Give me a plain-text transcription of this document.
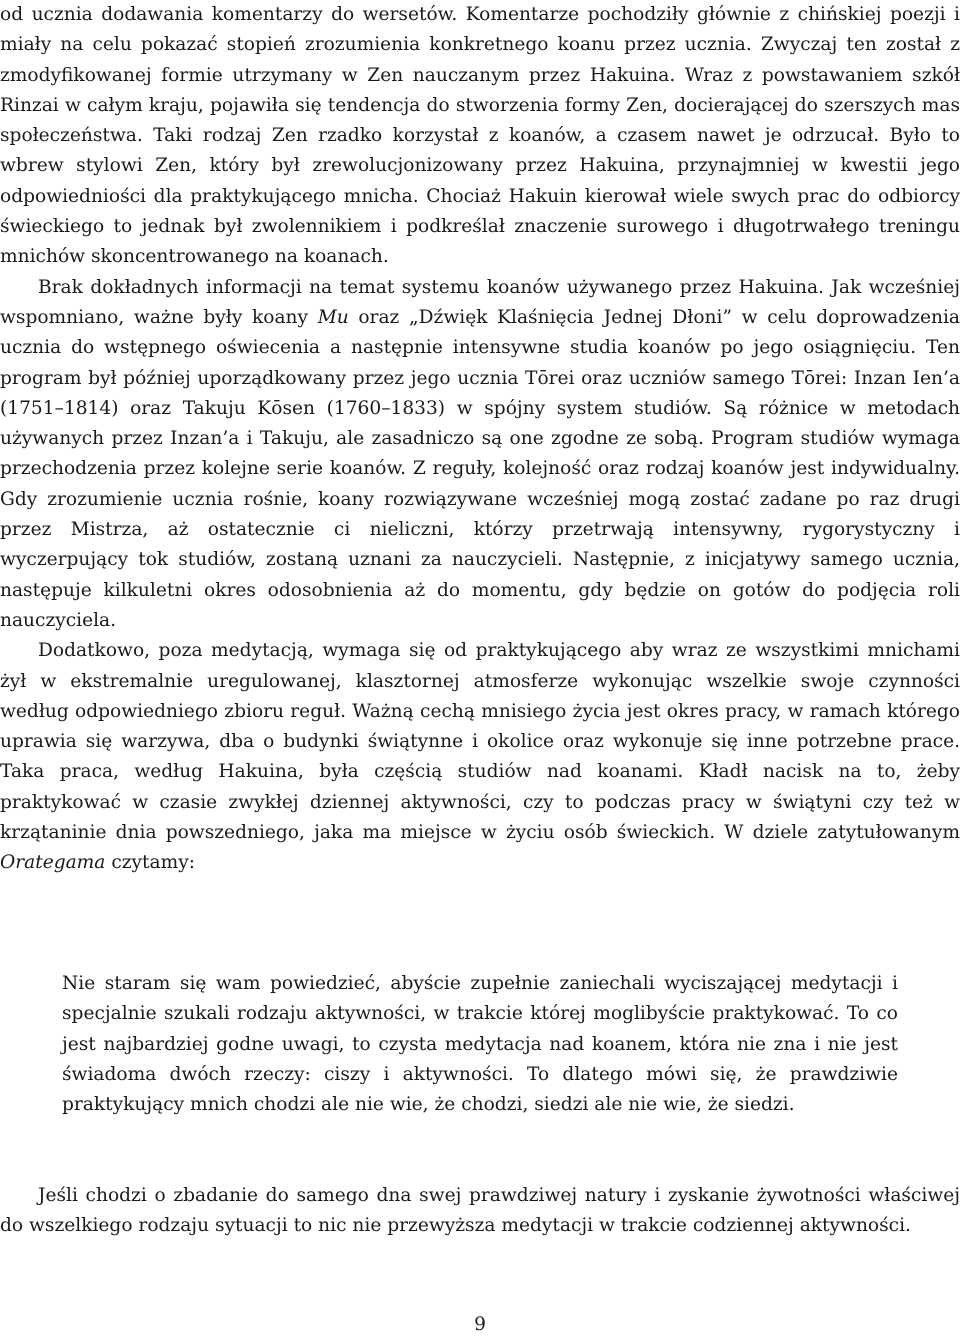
od ucznia dodawania komentarzy do wersetów. Komentarze pochodziły głównie z chińskiej poezji i miały na celu pokazać stopień zrozumienia konkretnego koanu przez ucznia. Zwyczaj ten został z zmodyfikowanej formie utrzymany w Zen nauczanym przez Hakuina. Wraz z powstawaniem szkół Rinzai w całym kraju, pojawiła się tendencja do stworzenia formy Zen, docierającej do szerszych mas społeczeństwa. Taki rodzaj Zen rzadko korzystał z koanów, a czasem nawet je odrzucał. Było to wbrew stylowi Zen, który był zrewolucjonizowany przez Hakuina, przynajmniej w kwestii jego odpowiedniości dla praktykującego mnicha. Chociaż Hakuin kierował wiele swych prac do odbiorcy świeckiego to jednak był zwolennikiem i podkreślał znaczenie surowego i długotrwałego treningu mnichów skoncentrowanego na koanach.

Brak dokładnych informacji na temat systemu koanów używanego przez Hakuina. Jak wcześniej wspomniano, ważne były koany Mu oraz „Dźwięk Klaśnięcia Jednej Dłoni” w celu doprowadzenia ucznia do wstępnego oświecenia a następnie intensywne studia koanów po jego osiągnięciu. Ten program był później uporządkowany przez jego ucznia Tōrei oraz uczniów samego Tōrei: Inzan Ien’a (1751–1814) oraz Takuju Kōsen (1760–1833) w spójny system studiów. Są różnice w metodach używanych przez Inzan’a i Takuju, ale zasadniczo są one zgodne ze sobą. Program studiów wymaga przechodzenia przez kolejne serie koanów. Z reguły, kolejność oraz rodzaj koanów jest indywidualny. Gdy zrozumienie ucznia rośnie, koany rozwiązywane wcześniej mogą zostać zadane po raz drugi przez Mistrza, aż ostatecznie ci nieliczni, którzy przetrwają intensywny, rygorystyczny i wyczerpujący tok studiów, zostaną uznani za nauczycieli. Następnie, z inicjatywy samego ucznia, następuje kilkuletni okres odosobnienia aż do momentu, gdy będzie on gotów do podjęcia roli nauczyciela.

Dodatkowo, poza medytacją, wymaga się od praktykującego aby wraz ze wszystkimi mnichami żył w ekstremalnie uregulowanej, klasztornej atmosferze wykonując wszelkie swoje czynności według odpowiedniego zbioru reguł. Ważną cechą mnisiego życia jest okres pracy, w ramach którego uprawia się warzywa, dba o budynki świątynne i okolice oraz wykonuje się inne potrzebne prace. Taka praca, według Hakuina, była częścią studiów nad koanami. Kładł nacisk na to, żeby praktykować w czasie zwykłej dziennej aktywności, czy to podczas pracy w świątyni czy też w krzątaninie dnia powszedniego, jaka ma miejsce w życiu osób świeckich. W dziele zatytułowanym Orategama czytamy:

Nie staram się wam powiedzieć, abyście zupełnie zaniechali wyciszającej medytacji i specjalnie szukali rodzaju aktywności, w trakcie której moglibyście praktykować. To co jest najbardziej godne uwagi, to czysta medytacja nad koanem, która nie zna i nie jest świadoma dwóch rzeczy: ciszy i aktywności. To dlatego mówi się, że prawdziwie praktykujący mnich chodzi ale nie wie, że chodzi, siedzi ale nie wie, że siedzi.

Jeśli chodzi o zbadanie do samego dna swej prawdziwej natury i zyskanie żywotności właściwej do wszelkiego rodzaju sytuacji to nic nie przewyższa medytacji w trakcie codziennej aktywności.

9
